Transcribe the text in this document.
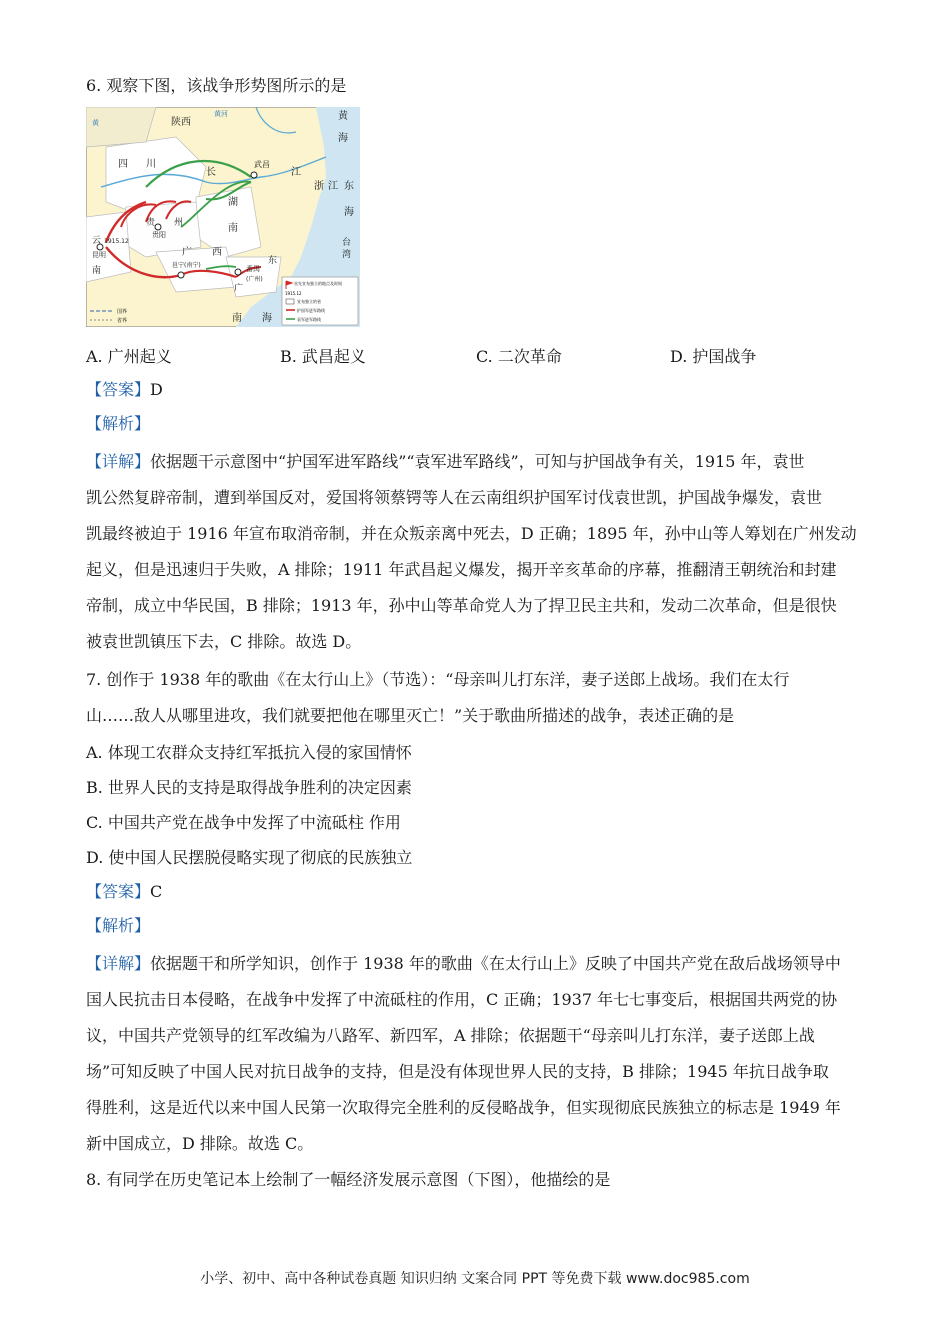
6. 观察下图，该战争形势图所示的是
陕西
黄河	黄
海
黄
四 川
长	江
武昌
浙 江 东
海
湖
南
贵 州
贵阳
云 1915.12
昆明
南
广 西
邕宁(南宁)	番禺
(广州)
东
广
台
湾
南 海
国界
省界
首先宣布独立的地点及时间
1915.12
宣布独立的省
护国军进军路线
袁军进军路线
A. 广州起义	B. 武昌起义	C. 二次革命	D. 护国战争
【答案】D
【解析】
【详解】依据题干示意图中“护国军进军路线”“袁军进军路线”，可知与护国战争有关，1915 年，袁世
凯公然复辟帝制，遭到举国反对，爱国将领蔡锷等人在云南组织护国军讨伐袁世凯，护国战争爆发，袁世
凯最终被迫于 1916 年宣布取消帝制，并在众叛亲离中死去，D 正确；1895 年，孙中山等人筹划在广州发动
起义，但是迅速归于失败，A 排除；1911 年武昌起义爆发，揭开辛亥革命的序幕，推翻清王朝统治和封建
帝制，成立中华民国，B 排除；1913 年，孙中山等革命党人为了捍卫民主共和，发动二次革命，但是很快
被袁世凯镇压下去，C 排除。故选 D。
7. 创作于 1938 年的歌曲《在太行山上》（节选）：“母亲叫儿打东洋，妻子送郎上战场。我们在太行
山……敌人从哪里进攻，我们就要把他在哪里灭亡！”关于歌曲所描述的战争，表述正确的是
A. 体现工农群众支持红军抵抗入侵的家国情怀
B. 世界人民的支持是取得战争胜利的决定因素
C. 中国共产党在战争中发挥了中流砥柱 作用
D. 使中国人民摆脱侵略实现了彻底的民族独立
【答案】C
【解析】
【详解】依据题干和所学知识，创作于 1938 年的歌曲《在太行山上》反映了中国共产党在敌后战场领导中
国人民抗击日本侵略，在战争中发挥了中流砥柱的作用，C 正确；1937 年七七事变后，根据国共两党的协
议，中国共产党领导的红军改编为八路军、新四军，A 排除；依据题干“母亲叫儿打东洋，妻子送郎上战
场”可知反映了中国人民对抗日战争的支持，但是没有体现世界人民的支持，B 排除；1945 年抗日战争取
得胜利，这是近代以来中国人民第一次取得完全胜利的反侵略战争，但实现彻底民族独立的标志是 1949 年
新中国成立，D 排除。故选 C。
8. 有同学在历史笔记本上绘制了一幅经济发展示意图（下图），他描绘的是
小学、初中、高中各种试卷真题 知识归纳 文案合同 PPT 等免费下载 www.doc985.com
